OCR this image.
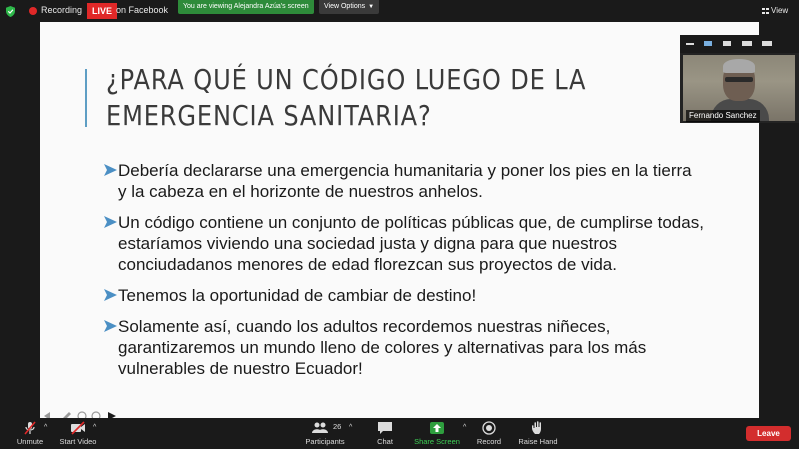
Recording	LIVE on Facebook	You are viewing Alejandra Azúa's screen	View Options ▼	View
¿PARA QUÉ UN CÓDIGO LUEGO DE LA
EMERGENCIA SANITARIA?
Debería declararse una emergencia humanitaria y poner los pies en la tierra y la cabeza en el horizonte de nuestros anhelos.
Un código contiene un conjunto de políticas públicas que, de cumplirse todas, estaríamos viviendo una sociedad justa y digna para que nuestros conciudadanos menores de edad florezcan sus proyectos de vida.
Tenemos la oportunidad de cambiar de destino!
Solamente así, cuando los adultos recordemos nuestras niñeces, garantizaremos un mundo lleno de colores y alternativas para los más vulnerables de nuestro Ecuador!
Fernando Sanchez
Unmute
^
Start Video
^	26
Participants
^
Chat	Share Screen
^
Record	Raise Hand
Leave
